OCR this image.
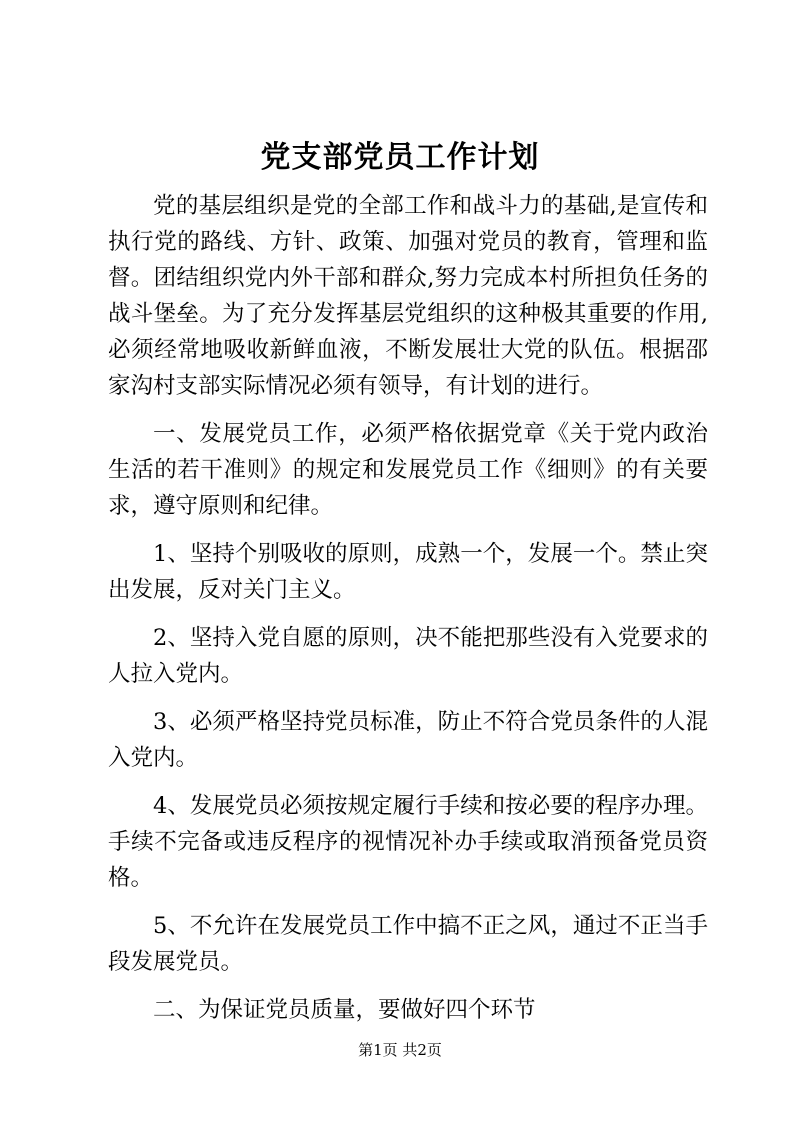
党支部党员工作计划

党的基层组织是党的全部工作和战斗力的基础,是宣传和执行党的路线、方针、政策、加强对党员的教育，管理和监督。团结组织党内外干部和群众,努力完成本村所担负任务的战斗堡垒。为了充分发挥基层党组织的这种极其重要的作用,必须经常地吸收新鲜血液，不断发展壮大党的队伍。根据邵家沟村支部实际情况必须有领导，有计划的进行。

一、发展党员工作，必须严格依据党章《关于党内政治生活的若干准则》的规定和发展党员工作《细则》的有关要求，遵守原则和纪律。

1、坚持个别吸收的原则，成熟一个，发展一个。禁止突出发展，反对关门主义。

2、坚持入党自愿的原则，决不能把那些没有入党要求的人拉入党内。

3、必须严格坚持党员标准，防止不符合党员条件的人混入党内。

4、发展党员必须按规定履行手续和按必要的程序办理。手续不完备或违反程序的视情况补办手续或取消预备党员资格。

5、不允许在发展党员工作中搞不正之风，通过不正当手段发展党员。

二、为保证党员质量，要做好四个环节

第1页 共2页
